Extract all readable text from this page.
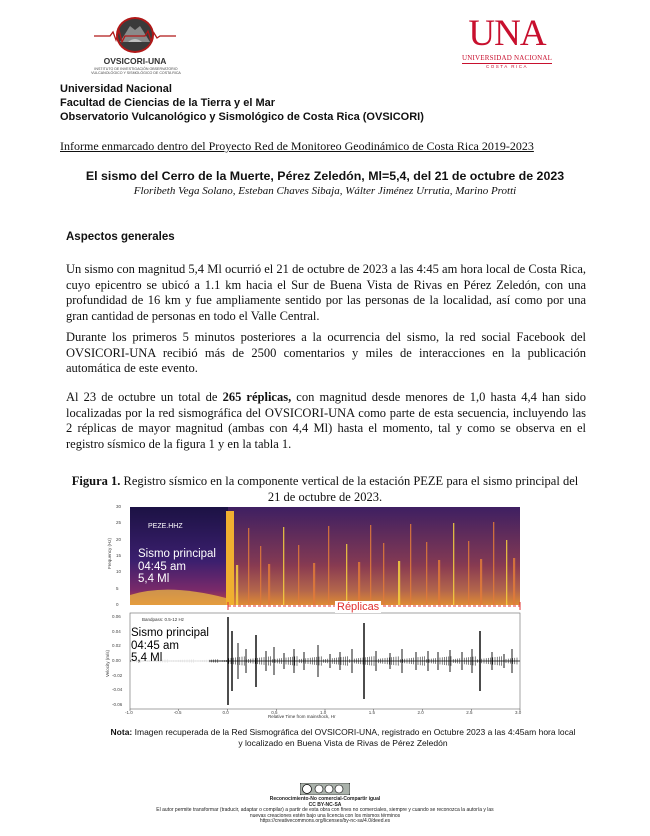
OVSICORI-UNA
INSTITUTO DE INVESTIGACIÓN OBSERVATORIO VULCANOLÓGICO Y SISMOLÓGICO DE COSTA RICA
UNA
UNIVERSIDAD NACIONAL
COSTA RICA
Universidad Nacional
Facultad de Ciencias de la Tierra y el Mar
Observatorio Vulcanológico y Sismológico de Costa Rica (OVSICORI)
Informe enmarcado dentro del Proyecto Red de Monitoreo Geodinámico de Costa Rica 2019-2023
El sismo del Cerro de la Muerte, Pérez Zeledón, Ml=5,4, del 21 de octubre de 2023
Floribeth Vega Solano, Esteban Chaves Sibaja, Wálter Jiménez Urrutia, Marino Protti
Aspectos generales
Un sismo con magnitud 5,4 Ml ocurrió el 21 de octubre de 2023 a las 4:45 am hora local de Costa Rica, cuyo epicentro se ubicó a 1.1 km hacia el Sur de Buena Vista de Rivas en Pérez Zeledón, con una profundidad de 16 km y fue ampliamente sentido por las personas de la localidad, así como por una gran cantidad de personas en todo el Valle Central.
Durante los primeros 5 minutos posteriores a la ocurrencia del sismo, la red social Facebook del OVSICORI-UNA recibió más de 2500 comentarios y miles de interacciones en la publicación automática de este evento.
Al 23 de octubre un total de 265 réplicas, con magnitud desde menores de 1,0 hasta 4,4 han sido localizadas por la red sismográfica del OVSICORI-UNA como parte de esta secuencia, incluyendo las 2 réplicas de mayor magnitud (ambas con 4,4 Ml) hasta el momento, tal y como se observa en el registro sísmico de la figura 1 y en la tabla 1.
Figura 1. Registro sísmico en la componente vertical de la estación PEZE para el sismo principal del 21 de octubre de 2023.
PEZE.HHZ
Sismo principal
04:45 am
5,4 Ml
Réplicas
Bandpass: 0.5-12 Hz
Sismo principal
04:45 am
5,4 Ml
Relative Time from mainshock, Hr
-1.0	-0.5	0.0	0.5	1.0	1.5	2.0	2.5	3.0
30
25
20
15
10
5
0
0.06
0.04
0.02
0.00
-0.02
-0.04
-0.06
Frequency (Hz)
Velocity (m/s)
Nota: Imagen recuperada de la Red Sismográfica del OVSICORI-UNA, registrado en Octubre 2023 a las 4:45am hora local y localizado en Buena Vista de Rivas de Pérez Zeledón
Reconocimiento-No comercial-Compartir igual
CC BY-NC-SA
El autor permite transformar (traducir, adaptar o compilar) a partir de esta obra con fines no comerciales, siempre y cuando se reconozca la autoría y las nuevas creaciones estén bajo una licencia con los mismos términos
https://creativecommons.org/licenses/by-nc-sa/4.0/deed.es
